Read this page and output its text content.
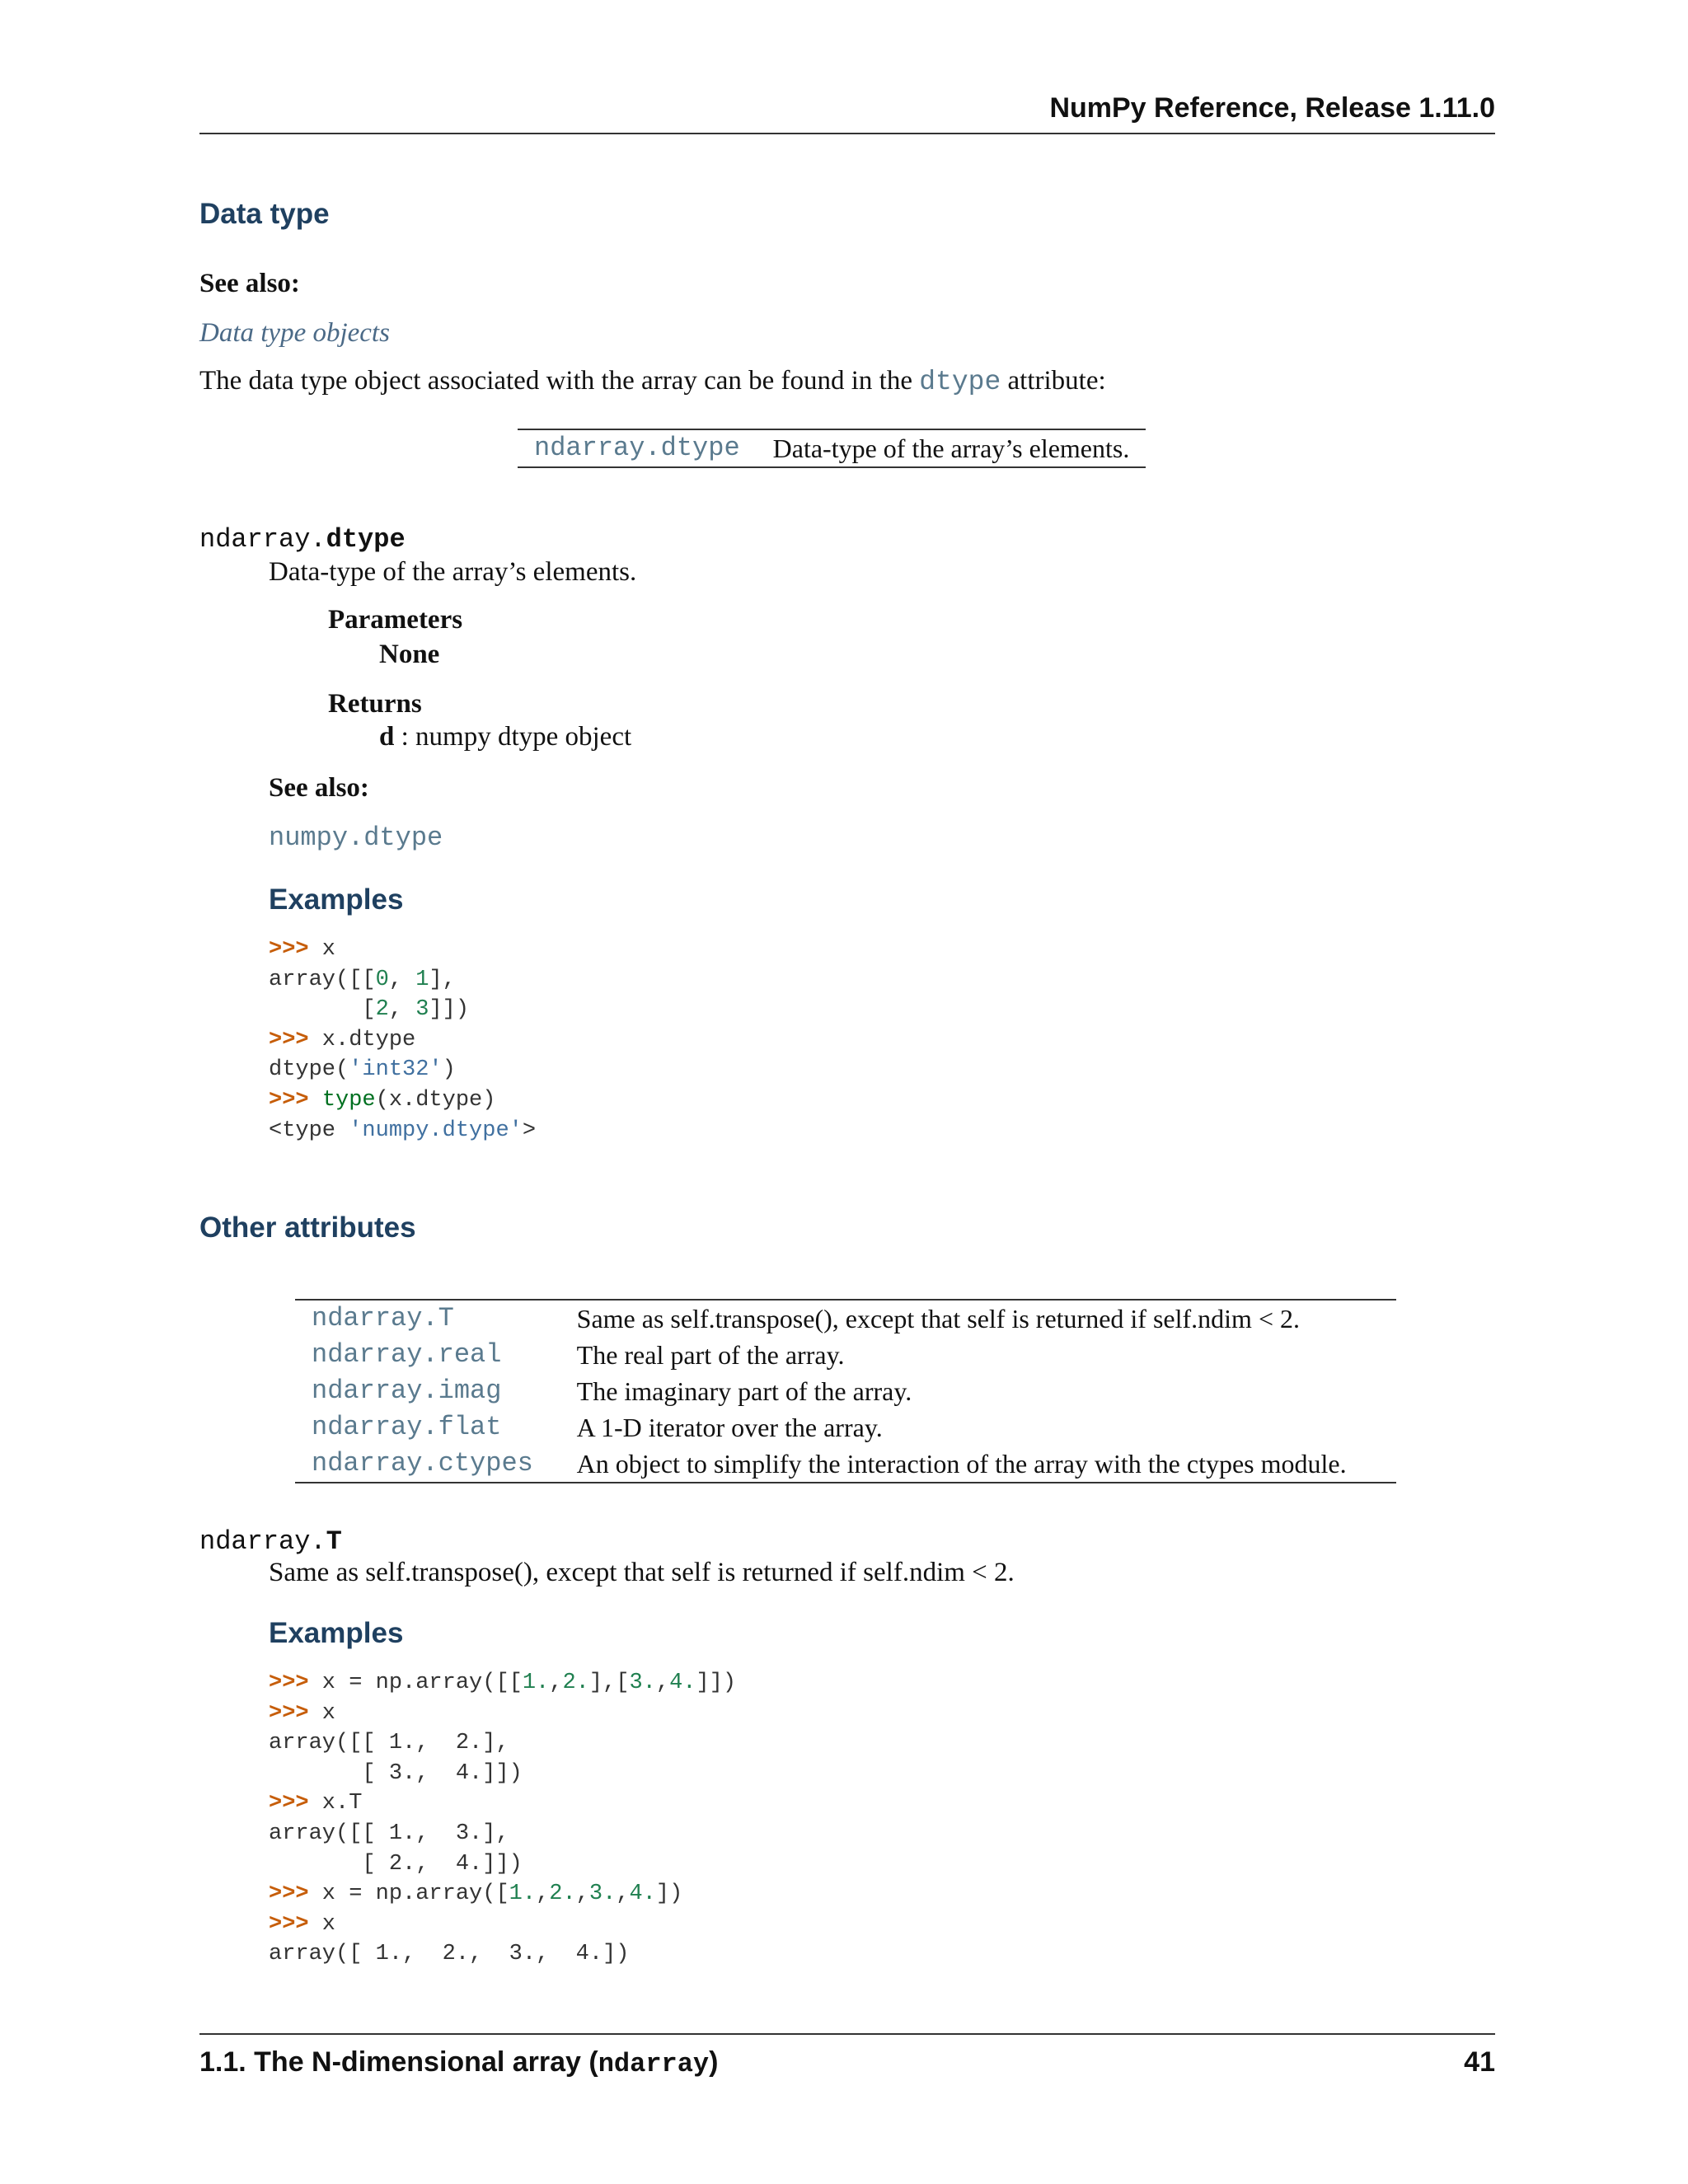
NumPy Reference, Release 1.11.0
Data type
See also:
Data type objects
The data type object associated with the array can be found in the dtype attribute:
ndarray.dtype	Data-type of the array’s elements.
ndarray.dtype
Data-type of the array’s elements.
Parameters
None
Returns
d : numpy dtype object
See also:
numpy.dtype
Examples
>>> x
array([[0, 1],
[2, 3]])
>>> x.dtype
dtype('int32')
>>> type(x.dtype)
<type 'numpy.dtype'>
Other attributes
ndarray.T	Same as self.transpose(), except that self is returned if self.ndim < 2.
ndarray.real	The real part of the array.
ndarray.imag	The imaginary part of the array.
ndarray.flat	A 1-D iterator over the array.
ndarray.ctypes	An object to simplify the interaction of the array with the ctypes module.
ndarray.T
Same as self.transpose(), except that self is returned if self.ndim < 2.
Examples
>>> x = np.array([[1.,2.],[3.,4.]])
>>> x
array([[ 1.,  2.],
[ 3.,  4.]])
>>> x.T
array([[ 1.,  3.],
[ 2.,  4.]])
>>> x = np.array([1.,2.,3.,4.])
>>> x
array([ 1.,  2.,  3.,  4.])
1.1. The N-dimensional array (ndarray)	41
